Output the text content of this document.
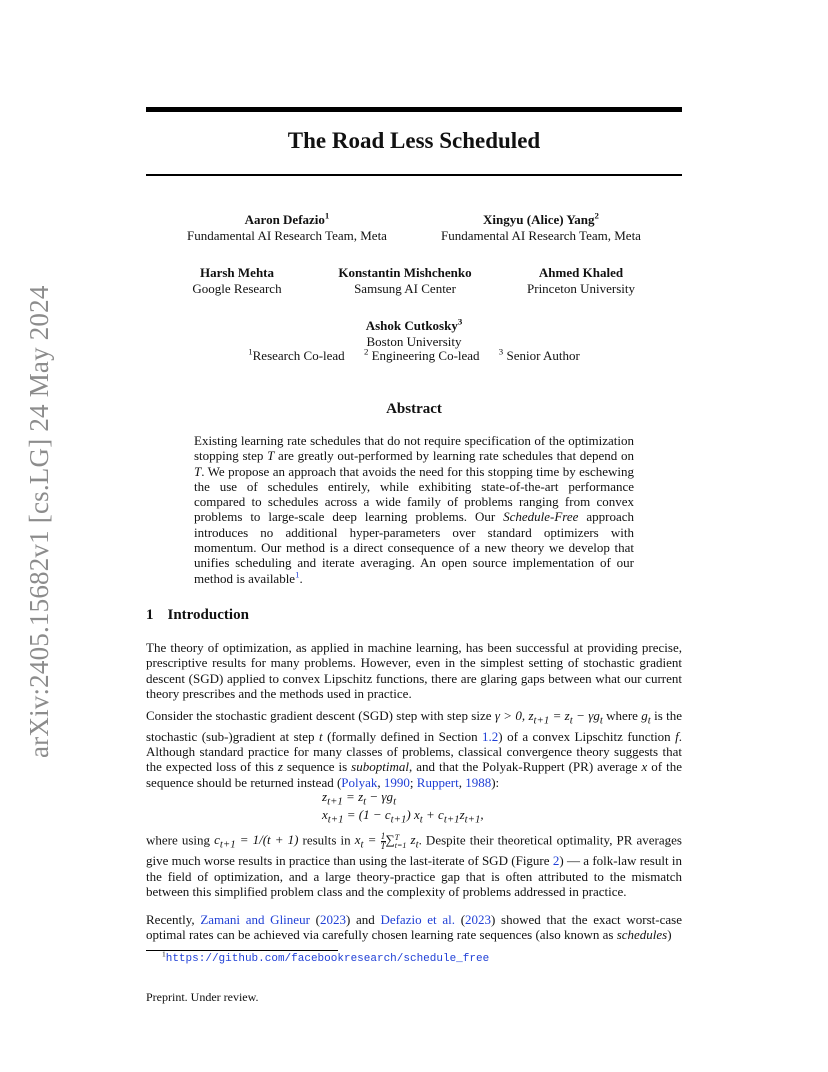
arXiv:2405.15682v1 [cs.LG] 24 May 2024
The Road Less Scheduled
Aaron Defazio$^1$
Fundamental AI Research Team, Meta
Xingyu (Alice) Yang$^2$
Fundamental AI Research Team, Meta
Harsh Mehta
Google Research
Konstantin Mishchenko
Samsung AI Center
Ahmed Khaled
Princeton University
Ashok Cutkosky$^3$
Boston University
$^1$Research Co-lead $^2$ Engineering Co-lead $^3$ Senior Author
Abstract
Existing learning rate schedules that do not require specification of the optimization stopping step T are greatly out-performed by learning rate schedules that depend on T. We propose an approach that avoids the need for this stopping time by eschewing the use of schedules entirely, while exhibiting state-of-the-art performance compared to schedules across a wide family of problems ranging from convex problems to large-scale deep learning problems. Our Schedule-Free approach introduces no additional hyper-parameters over standard optimizers with momentum. Our method is a direct consequence of a new theory we develop that unifies scheduling and iterate averaging. An open source implementation of our method is available$^1$.
1 Introduction
The theory of optimization, as applied in machine learning, has been successful at providing precise, prescriptive results for many problems. However, even in the simplest setting of stochastic gradient descent (SGD) applied to convex Lipschitz functions, there are glaring gaps between what our current theory prescribes and the methods used in practice.
Consider the stochastic gradient descent (SGD) step with step size γ > 0, $z_{t+1} = z_t - \gamma g_t$ where $g_t$ is the stochastic (sub-)gradient at step t (formally defined in Section 1.2) of a convex Lipschitz function f. Although standard practice for many classes of problems, classical convergence theory suggests that the expected loss of this z sequence is suboptimal, and that the Polyak-Ruppert (PR) average x of the sequence should be returned instead (Polyak, 1990; Ruppert, 1988):
$z_{t+1} = z_t - \gamma g_t$
$x_{t+1} = (1 - c_{t+1}) x_t + c_{t+1}z_{t+1}$,
where using $c_{t+1} = 1/(t + 1)$ results in $x_t = \frac{1}{T}$ ∑ T
t=1 $z_t$. Despite their theoretical optimality, PR averages give much worse results in practice than using the last-iterate of SGD (Figure 2) — a folk-law result in the field of optimization, and a large theory-practice gap that is often attributed to the mismatch between this simplified problem class and the complexity of problems addressed in practice.
Recently, Zamani and Glineur (2023) and Defazio et al. (2023) showed that the exact worst-case optimal rates can be achieved via carefully chosen learning rate sequences (also known as schedules)
$^1$https://github.com/facebookresearch/schedule_free
Preprint. Under review.
